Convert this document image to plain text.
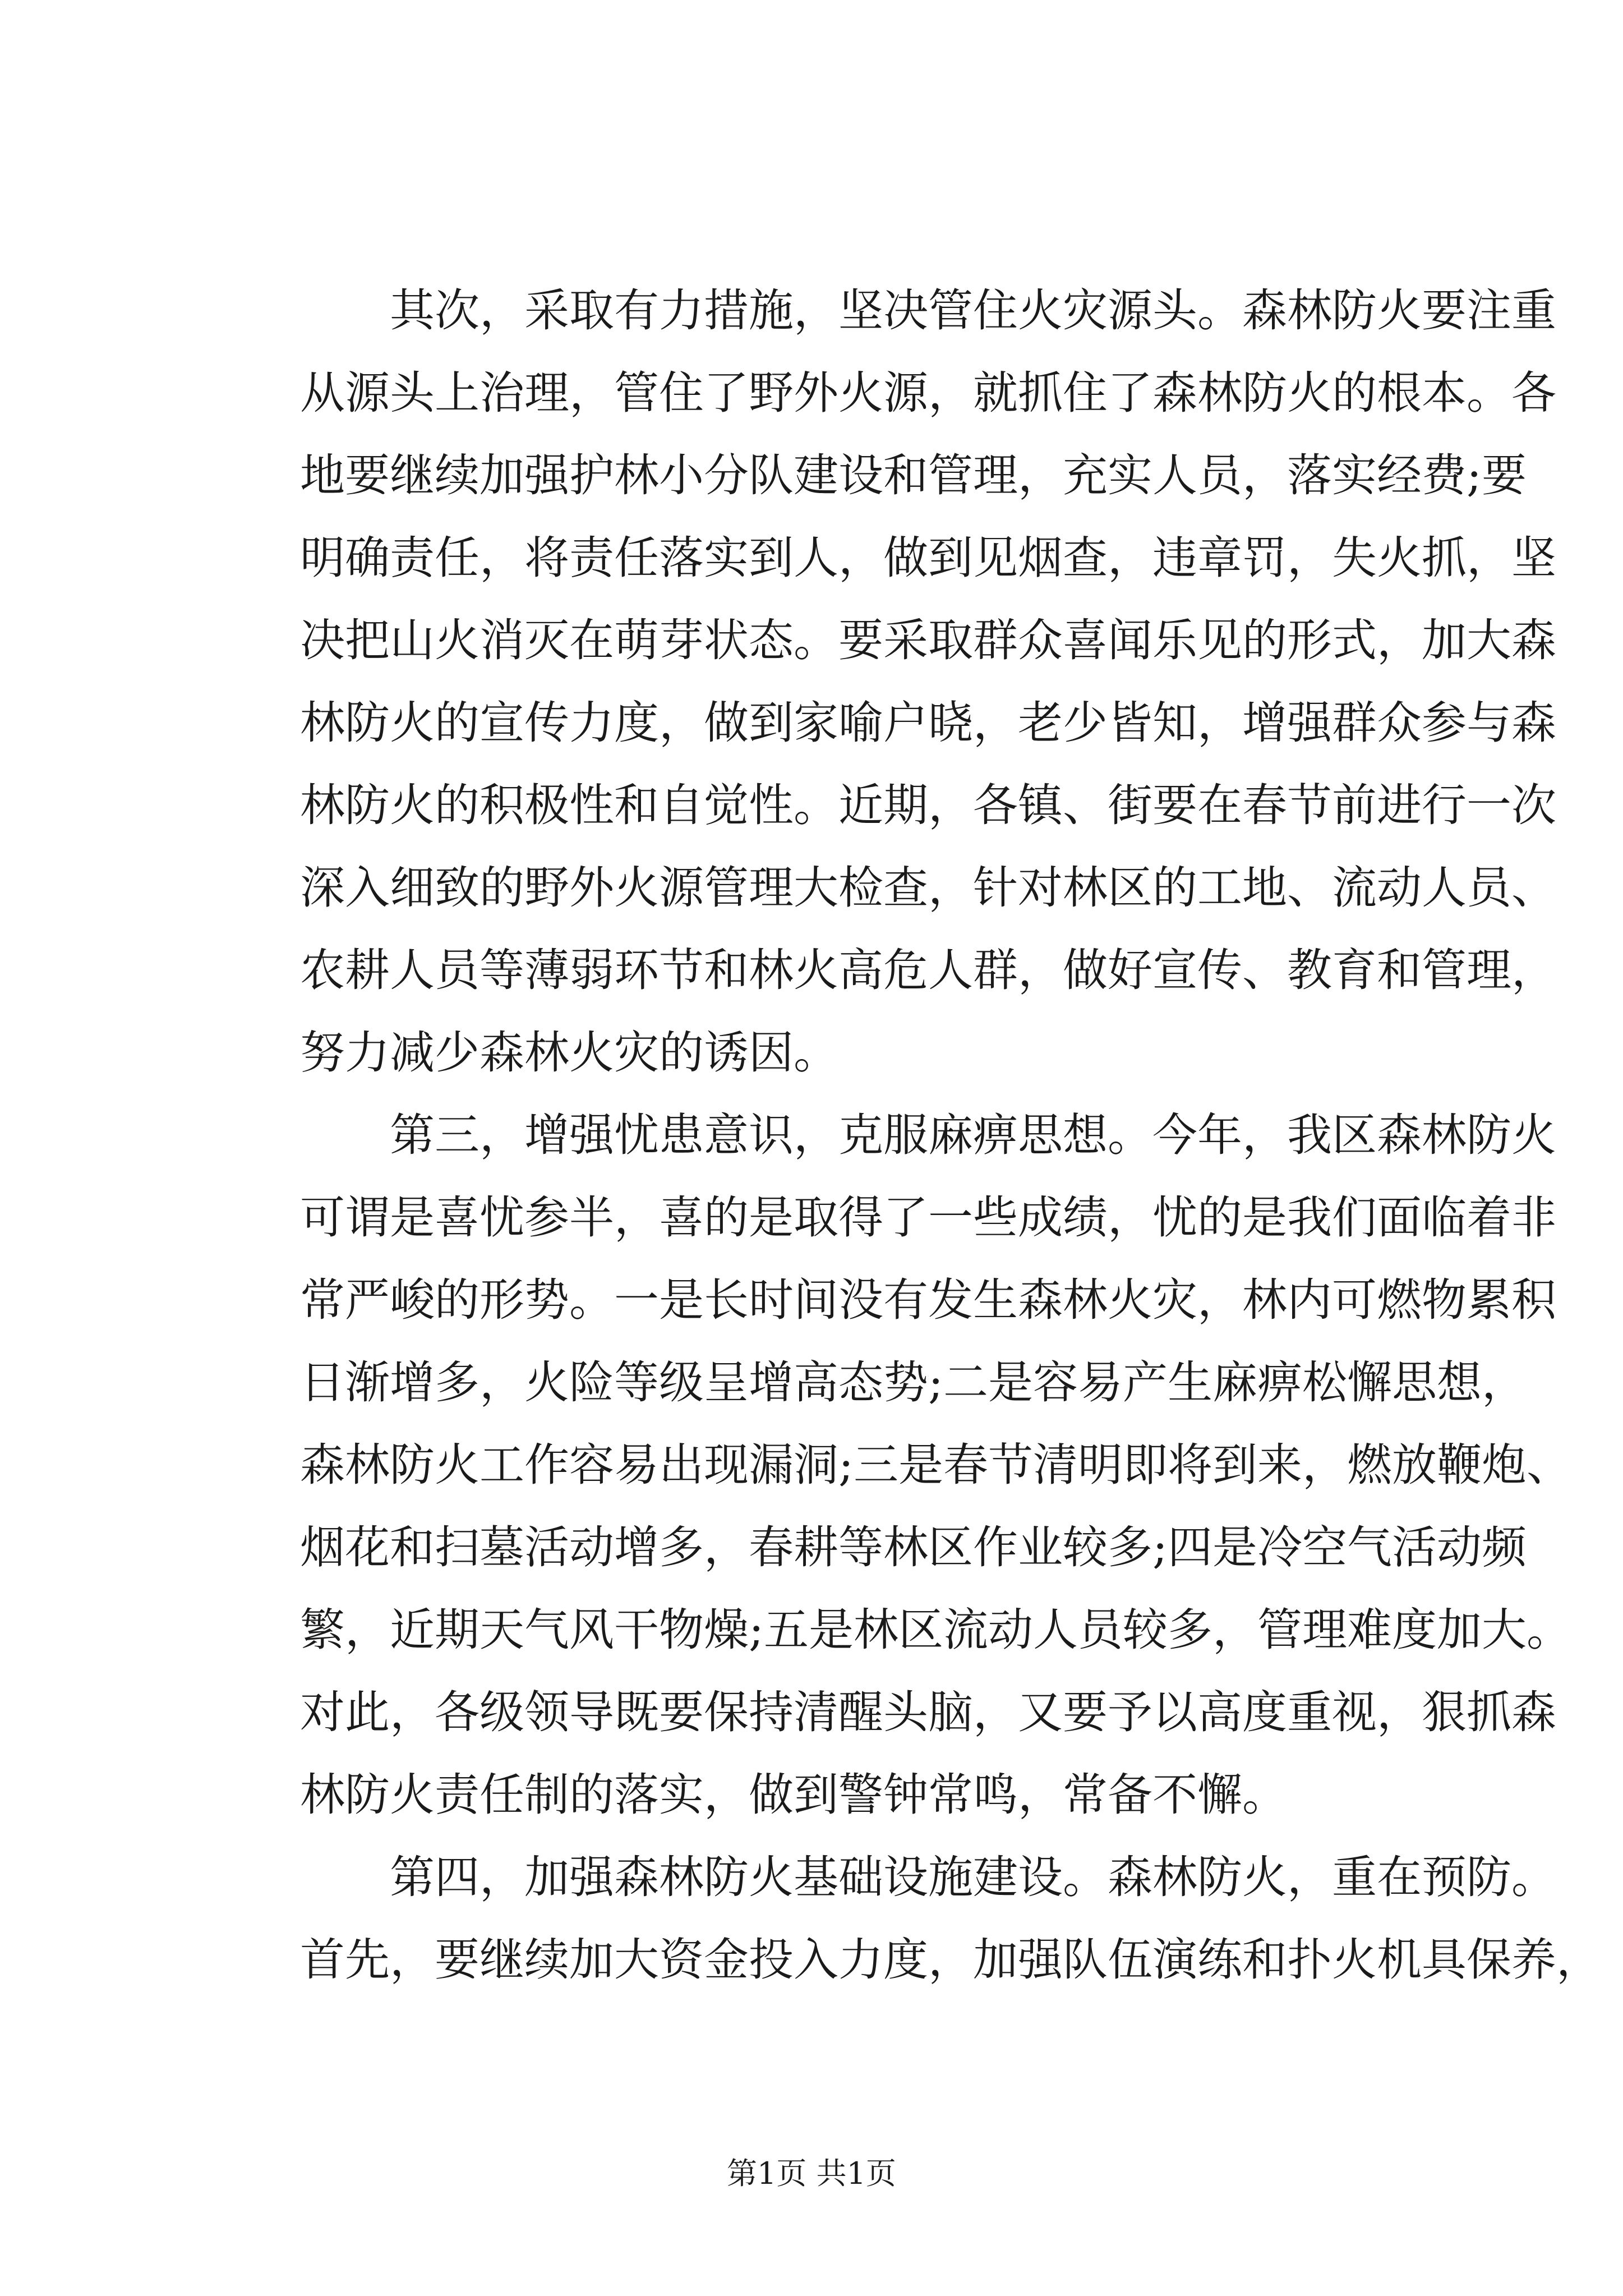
　　其次，采取有力措施，坚决管住火灾源头。森林防火要注重
从源头上治理，管住了野外火源，就抓住了森林防火的根本。各
地要继续加强护林小分队建设和管理，充实人员，落实经费;要
明确责任，将责任落实到人，做到见烟查，违章罚，失火抓，坚
决把山火消灭在萌芽状态。要采取群众喜闻乐见的形式，加大森
林防火的宣传力度，做到家喻户晓，老少皆知，增强群众参与森
林防火的积极性和自觉性。近期，各镇、街要在春节前进行一次
深入细致的野外火源管理大检查，针对林区的工地、流动人员、
农耕人员等薄弱环节和林火高危人群，做好宣传、教育和管理，
努力减少森林火灾的诱因。
　　第三，增强忧患意识，克服麻痹思想。今年，我区森林防火
可谓是喜忧参半，喜的是取得了一些成绩，忧的是我们面临着非
常严峻的形势。一是长时间没有发生森林火灾，林内可燃物累积
日渐增多，火险等级呈增高态势;二是容易产生麻痹松懈思想，
森林防火工作容易出现漏洞;三是春节清明即将到来，燃放鞭炮、
烟花和扫墓活动增多，春耕等林区作业较多;四是冷空气活动频
繁，近期天气风干物燥;五是林区流动人员较多，管理难度加大。
对此，各级领导既要保持清醒头脑，又要予以高度重视，狠抓森
林防火责任制的落实，做到警钟常鸣，常备不懈。
　　第四，加强森林防火基础设施建设。森林防火，重在预防。
首先，要继续加大资金投入力度，加强队伍演练和扑火机具保养，
第1页 共1页
